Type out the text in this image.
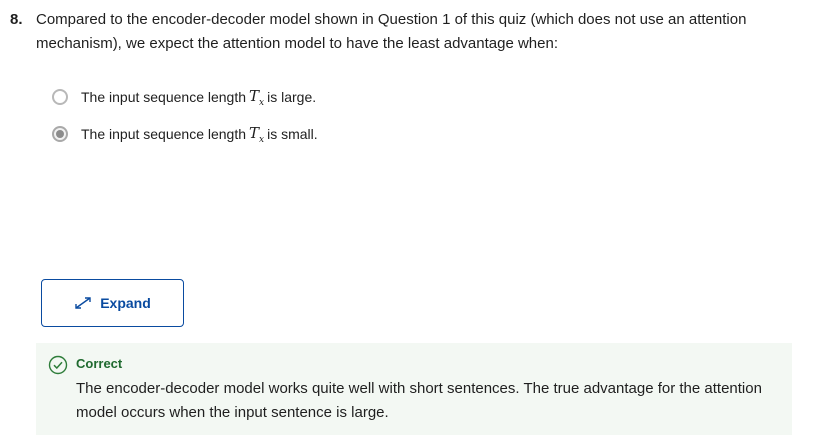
8. Compared to the encoder-decoder model shown in Question 1 of this quiz (which does not use an attention mechanism), we expect the attention model to have the least advantage when:
The input sequence length $T_x$ is large.
The input sequence length $T_x$ is small.
Expand
Correct
The encoder-decoder model works quite well with short sentences. The true advantage for the attention model occurs when the input sentence is large.
